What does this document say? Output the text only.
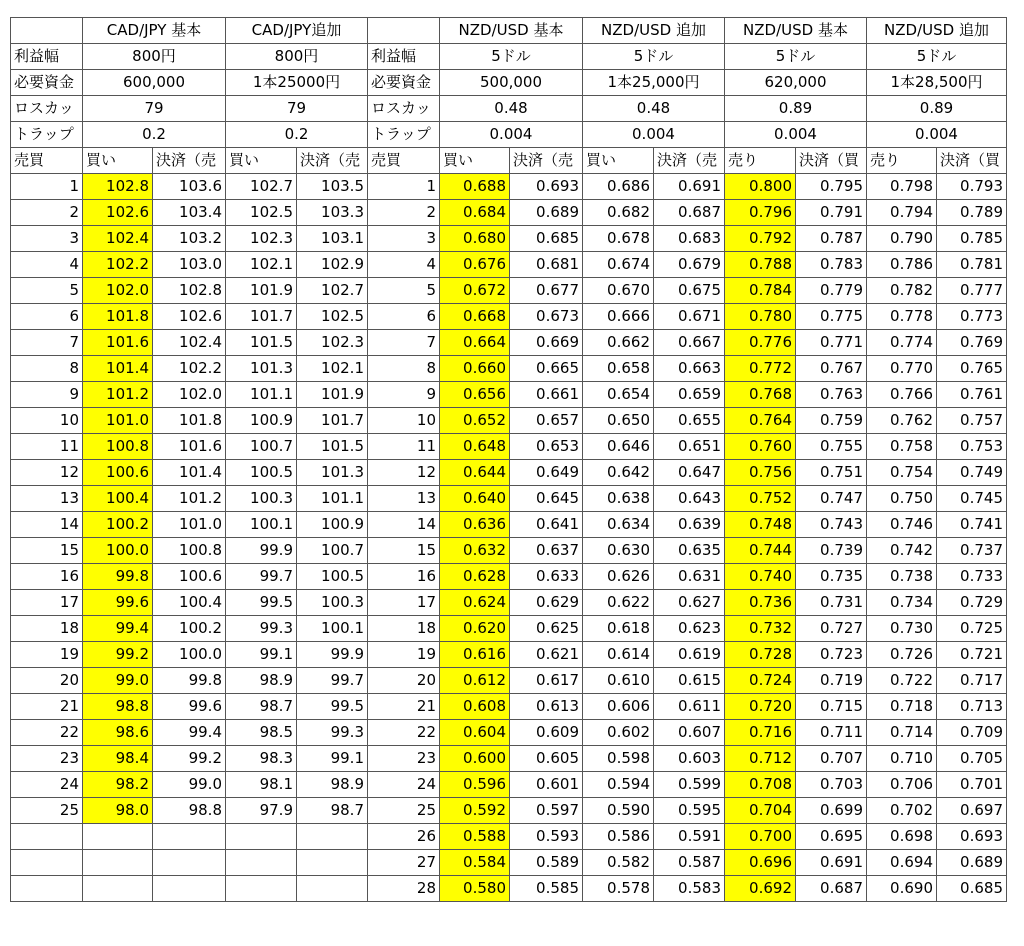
	CAD/JPY 基本		CAD/JPY追加			NZD/USD 基本		NZD/USD 追加		NZD/USD 基本		NZD/USD 追加	
利益幅	800円		800円		利益幅	5ドル		5ドル		5ドル		5ドル	
必要資金	600,000		1本25000円		必要資金	500,000		1本25,000円		620,000		1本28,500円	
ロスカッ	79		79		ロスカッ	0.48		0.48		0.89		0.89	
トラップ	0.2		0.2		トラップ	0.004		0.004		0.004		0.004	
売買	買い	決済（売	買い	決済（売	売買	買い	決済（売	買い	決済（売	売り	決済（買	売り	決済（買
1	102.8	103.6	102.7	103.5	1	0.688	0.693	0.686	0.691	0.800	0.795	0.798	0.793
2	102.6	103.4	102.5	103.3	2	0.684	0.689	0.682	0.687	0.796	0.791	0.794	0.789
3	102.4	103.2	102.3	103.1	3	0.680	0.685	0.678	0.683	0.792	0.787	0.790	0.785
4	102.2	103.0	102.1	102.9	4	0.676	0.681	0.674	0.679	0.788	0.783	0.786	0.781
5	102.0	102.8	101.9	102.7	5	0.672	0.677	0.670	0.675	0.784	0.779	0.782	0.777
6	101.8	102.6	101.7	102.5	6	0.668	0.673	0.666	0.671	0.780	0.775	0.778	0.773
7	101.6	102.4	101.5	102.3	7	0.664	0.669	0.662	0.667	0.776	0.771	0.774	0.769
8	101.4	102.2	101.3	102.1	8	0.660	0.665	0.658	0.663	0.772	0.767	0.770	0.765
9	101.2	102.0	101.1	101.9	9	0.656	0.661	0.654	0.659	0.768	0.763	0.766	0.761
10	101.0	101.8	100.9	101.7	10	0.652	0.657	0.650	0.655	0.764	0.759	0.762	0.757
11	100.8	101.6	100.7	101.5	11	0.648	0.653	0.646	0.651	0.760	0.755	0.758	0.753
12	100.6	101.4	100.5	101.3	12	0.644	0.649	0.642	0.647	0.756	0.751	0.754	0.749
13	100.4	101.2	100.3	101.1	13	0.640	0.645	0.638	0.643	0.752	0.747	0.750	0.745
14	100.2	101.0	100.1	100.9	14	0.636	0.641	0.634	0.639	0.748	0.743	0.746	0.741
15	100.0	100.8	99.9	100.7	15	0.632	0.637	0.630	0.635	0.744	0.739	0.742	0.737
16	99.8	100.6	99.7	100.5	16	0.628	0.633	0.626	0.631	0.740	0.735	0.738	0.733
17	99.6	100.4	99.5	100.3	17	0.624	0.629	0.622	0.627	0.736	0.731	0.734	0.729
18	99.4	100.2	99.3	100.1	18	0.620	0.625	0.618	0.623	0.732	0.727	0.730	0.725
19	99.2	100.0	99.1	99.9	19	0.616	0.621	0.614	0.619	0.728	0.723	0.726	0.721
20	99.0	99.8	98.9	99.7	20	0.612	0.617	0.610	0.615	0.724	0.719	0.722	0.717
21	98.8	99.6	98.7	99.5	21	0.608	0.613	0.606	0.611	0.720	0.715	0.718	0.713
22	98.6	99.4	98.5	99.3	22	0.604	0.609	0.602	0.607	0.716	0.711	0.714	0.709
23	98.4	99.2	98.3	99.1	23	0.600	0.605	0.598	0.603	0.712	0.707	0.710	0.705
24	98.2	99.0	98.1	98.9	24	0.596	0.601	0.594	0.599	0.708	0.703	0.706	0.701
25	98.0	98.8	97.9	98.7	25	0.592	0.597	0.590	0.595	0.704	0.699	0.702	0.697
					26	0.588	0.593	0.586	0.591	0.700	0.695	0.698	0.693
					27	0.584	0.589	0.582	0.587	0.696	0.691	0.694	0.689
					28	0.580	0.585	0.578	0.583	0.692	0.687	0.690	0.685
